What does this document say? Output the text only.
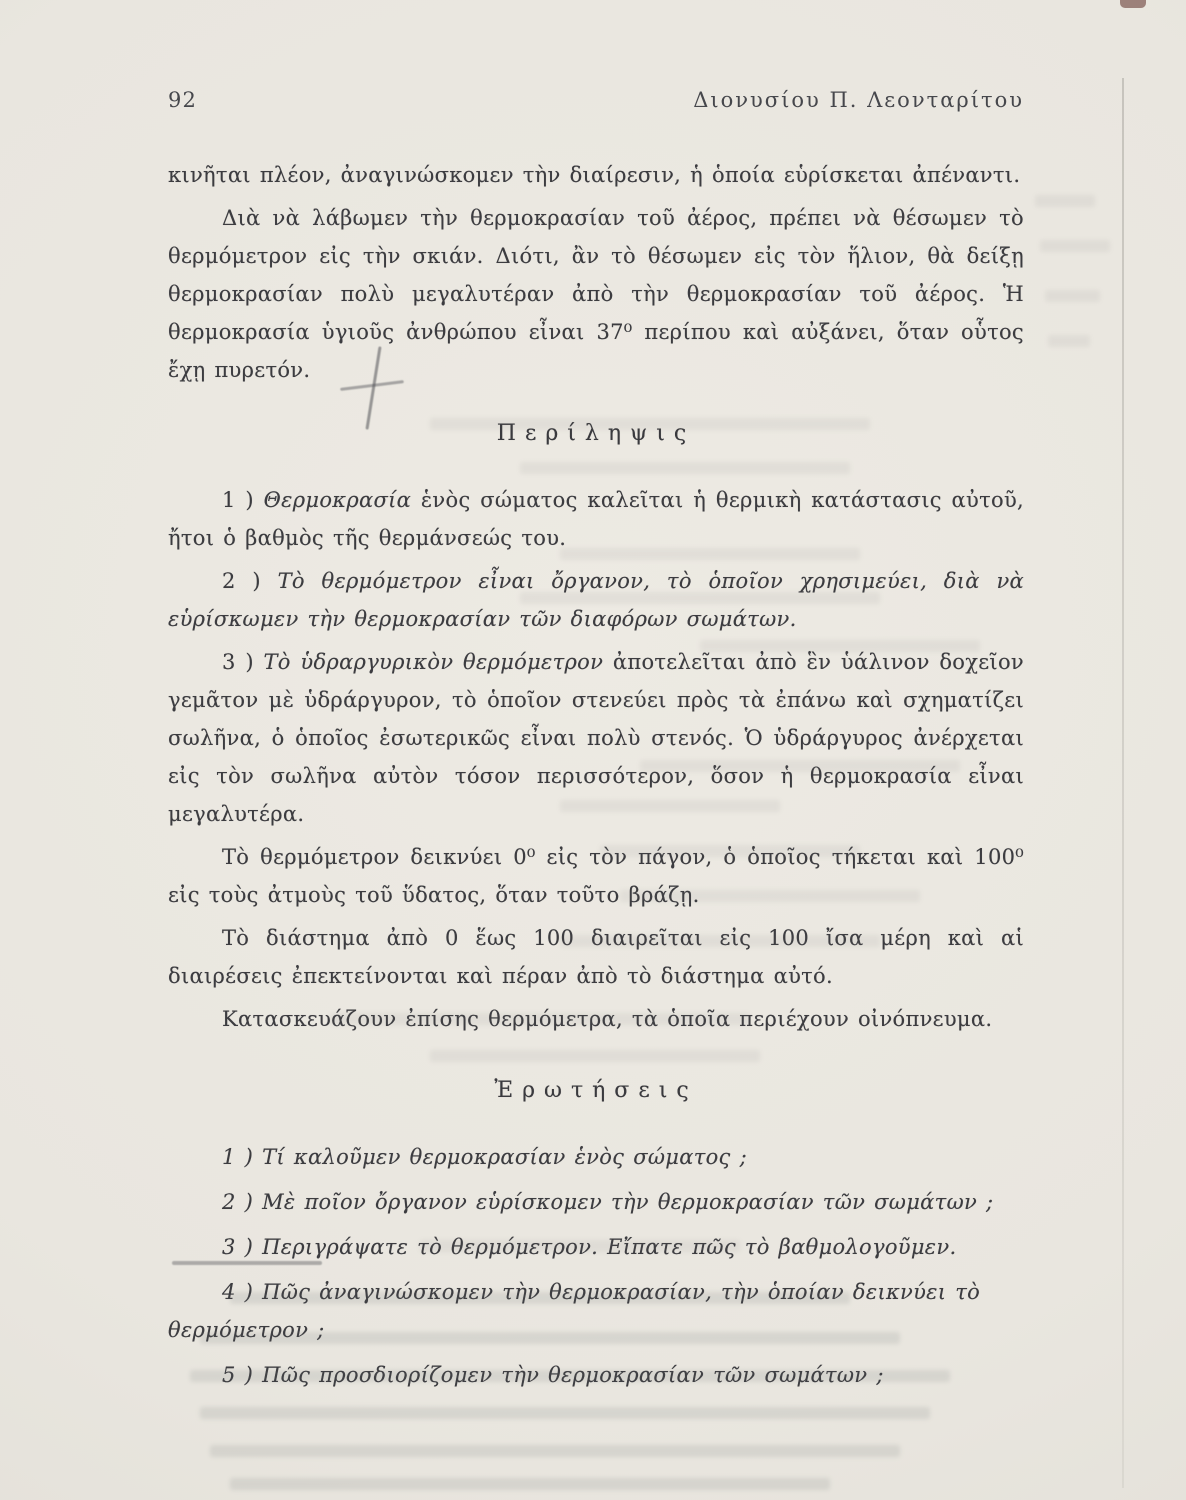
92	Διονυσίου Π. Λεονταρίτου

κινῆται πλέον, ἀναγινώσκομεν τὴν διαίρεσιν, ἡ ὁποία εὑρίσκεται ἀπέναντι.

Διὰ νὰ λάβωμεν τὴν θερμοκρασίαν τοῦ ἀέρος, πρέπει νὰ θέσωμεν τὸ θερμόμετρον εἰς τὴν σκιάν. Διότι, ἂν τὸ θέσωμεν εἰς τὸν ἥλιον, θὰ δείξῃ θερμοκρασίαν πολὺ μεγαλυτέραν ἀπὸ τὴν θερμοκρασίαν τοῦ ἀέρος. Ἡ θερμοκρασία ὑγιοῦς ἀνθρώπου εἶναι 37⁰ περίπου καὶ αὐξάνει, ὅταν οὗτος ἔχῃ πυρετόν.

Περίληψις

1 ) Θερμοκρασία ἑνὸς σώματος καλεῖται ἡ θερμικὴ κατάστασις αὐτοῦ, ἤτοι ὁ βαθμὸς τῆς θερμάνσεώς του.

2 ) Τὸ θερμόμετρον εἶναι ὄργανον, τὸ ὁποῖον χρησιμεύει, διὰ νὰ εὑρίσκωμεν τὴν θερμοκρασίαν τῶν διαφόρων σωμάτων.

3 ) Τὸ ὑδραργυρικὸν θερμόμετρον ἀποτελεῖται ἀπὸ ἓν ὑάλινον δοχεῖον γεμᾶτον μὲ ὑδράργυρον, τὸ ὁποῖον στενεύει πρὸς τὰ ἐπάνω καὶ σχηματίζει σωλῆνα, ὁ ὁποῖος ἐσωτερικῶς εἶναι πολὺ στενός. Ὁ ὑδράργυρος ἀνέρχεται εἰς τὸν σωλῆνα αὐτὸν τόσον περισσότερον, ὅσον ἡ θερμοκρασία εἶναι μεγαλυτέρα.

Τὸ θερμόμετρον δεικνύει 0⁰ εἰς τὸν πάγον, ὁ ὁποῖος τήκεται καὶ 100⁰ εἰς τοὺς ἀτμοὺς τοῦ ὕδατος, ὅταν τοῦτο βράζῃ.

Τὸ διάστημα ἀπὸ 0 ἕως 100 διαιρεῖται εἰς 100 ἴσα μέρη καὶ αἱ διαιρέσεις ἐπεκτείνονται καὶ πέραν ἀπὸ τὸ διάστημα αὐτό.

Κατασκευάζουν ἐπίσης θερμόμετρα, τὰ ὁποῖα περιέχουν οἰνόπνευμα.

Ἐρωτήσεις

1 ) Τί καλοῦμεν θερμοκρασίαν ἑνὸς σώματος ;

2 ) Μὲ ποῖον ὄργανον εὑρίσκομεν τὴν θερμοκρασίαν τῶν σωμάτων ;

3 ) Περιγράψατε τὸ θερμόμετρον. Εἴπατε πῶς τὸ βαθμολογοῦμεν.

4 ) Πῶς ἀναγινώσκομεν τὴν θερμοκρασίαν, τὴν ὁποίαν δεικνύει τὸ θερμόμετρον ;

5 ) Πῶς προσδιορίζομεν τὴν θερμοκρασίαν τῶν σωμάτων ;
